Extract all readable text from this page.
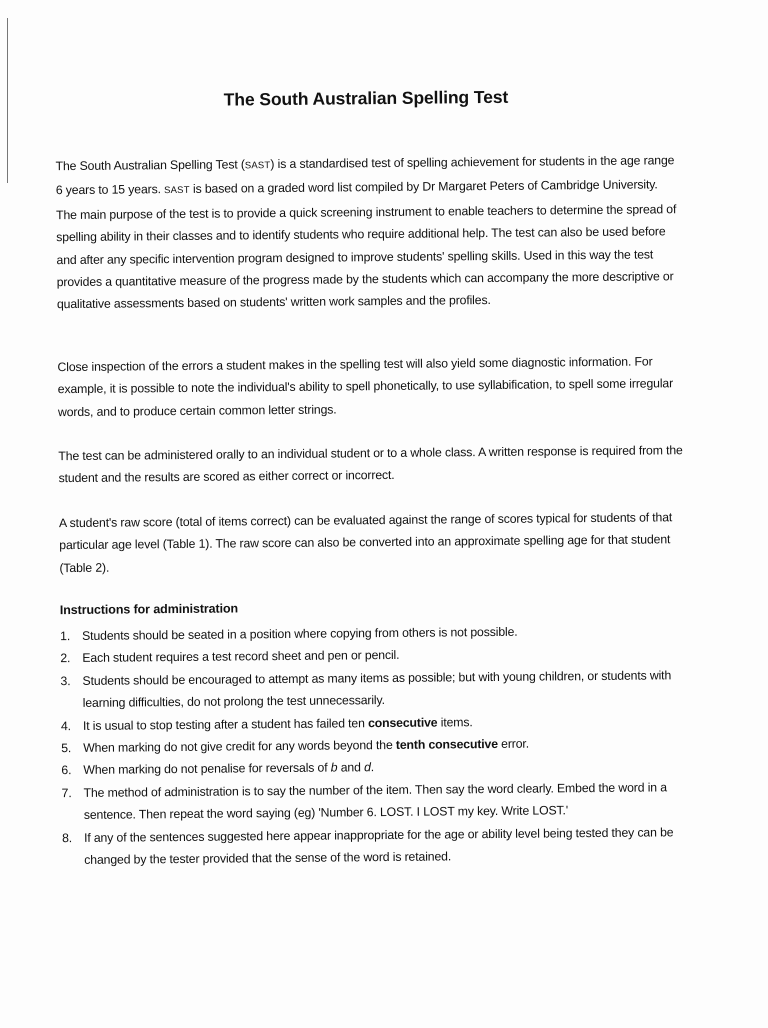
The South Australian Spelling Test

The South Australian Spelling Test (SAST) is a standardised test of spelling achievement for students in the age range 6 years to 15 years. SAST is based on a graded word list compiled by Dr Margaret Peters of Cambridge University. The main purpose of the test is to provide a quick screening instrument to enable teachers to determine the spread of spelling ability in their classes and to identify students who require additional help. The test can also be used before and after any specific intervention program designed to improve students' spelling skills. Used in this way the test provides a quantitative measure of the progress made by the students which can accompany the more descriptive or qualitative assessments based on students' written work samples and the profiles.

Close inspection of the errors a student makes in the spelling test will also yield some diagnostic information. For example, it is possible to note the individual's ability to spell phonetically, to use syllabification, to spell some irregular words, and to produce certain common letter strings.

The test can be administered orally to an individual student or to a whole class. A written response is required from the student and the results are scored as either correct or incorrect.

A student's raw score (total of items correct) can be evaluated against the range of scores typical for students of that particular age level (Table 1). The raw score can also be converted into an approximate spelling age for that student (Table 2).

Instructions for administration
1. Students should be seated in a position where copying from others is not possible.
2. Each student requires a test record sheet and pen or pencil.
3. Students should be encouraged to attempt as many items as possible; but with young children, or students with learning difficulties, do not prolong the test unnecessarily.
4. It is usual to stop testing after a student has failed ten consecutive items.
5. When marking do not give credit for any words beyond the tenth consecutive error.
6. When marking do not penalise for reversals of b and d.
7. The method of administration is to say the number of the item. Then say the word clearly. Embed the word in a sentence. Then repeat the word saying (eg) 'Number 6. LOST. I LOST my key. Write LOST.'
8. If any of the sentences suggested here appear inappropriate for the age or ability level being tested they can be changed by the tester provided that the sense of the word is retained.
